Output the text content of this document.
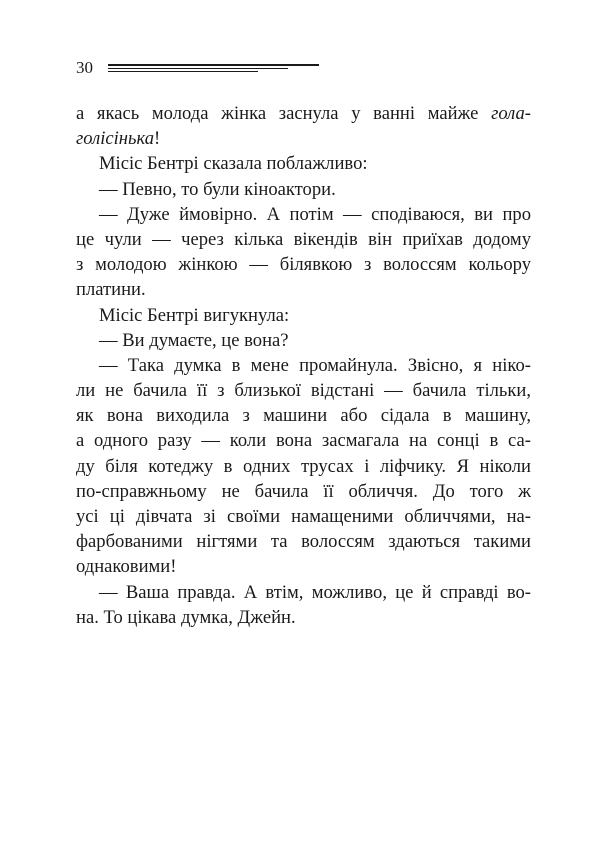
30
а якась молода жінка заснула у ванні майже гола-
голісінька!
Місіс Бентрі сказала поблажливо:
— Певно, то були кіноактори.
— Дуже ймовірно. А потім — сподіваюся, ви про
це чули — через кілька вікендів він приїхав додому
з молодою жінкою — білявкою з волоссям кольору
платини.
Місіс Бентрі вигукнула:
— Ви думаєте, це вона?
— Така думка в мене промайнула. Звісно, я ніко-
ли не бачила її з близької відстані — бачила тільки,
як вона виходила з машини або сідала в машину,
а одного разу — коли вона засмагала на сонці в са-
ду біля котеджу в одних трусах і ліфчику. Я ніколи
по-справжньому не бачила її обличчя. До того ж
усі ці дівчата зі своїми намащеними обличчями, на-
фарбованими нігтями та волоссям здаються такими
однаковими!
— Ваша правда. А втім, можливо, це й справді во-
на. То цікава думка, Джейн.
